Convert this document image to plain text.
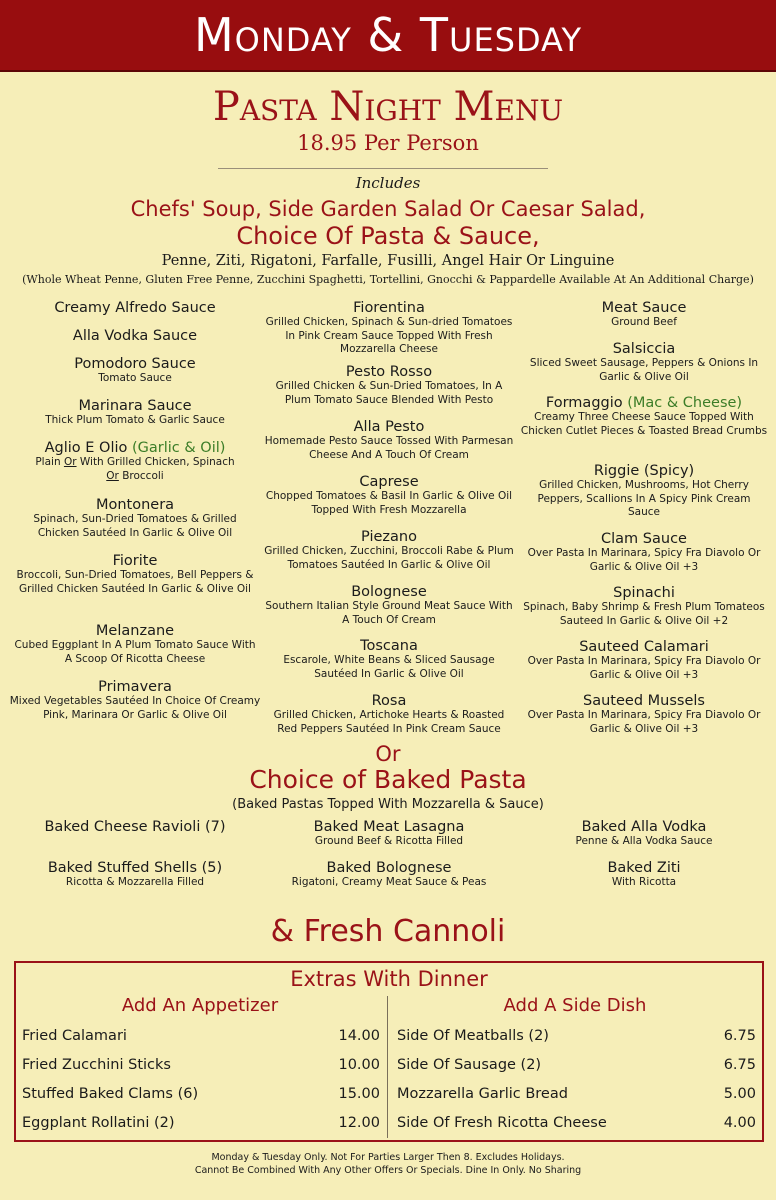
Monday & Tuesday
Pasta Night Menu
18.95 Per Person
Includes
Chefs' Soup, Side Garden Salad Or Caesar Salad,
Choice Of Pasta & Sauce,
Penne, Ziti, Rigatoni, Farfalle, Fusilli, Angel Hair Or Linguine
(Whole Wheat Penne, Gluten Free Penne, Zucchini Spaghetti, Tortellini, Gnocchi & Pappardelle Available At An Additional Charge)
Creamy Alfredo Sauce
Alla Vodka Sauce
Pomodoro Sauce
Tomato Sauce
Marinara Sauce
Thick Plum Tomato & Garlic Sauce
Aglio E Olio (Garlic & Oil)
Plain Or With Grilled Chicken, Spinach
Or Broccoli
Montonera
Spinach, Sun-Dried Tomatoes & Grilled Chicken Sautéed In Garlic & Olive Oil
Fiorite
Broccoli, Sun-Dried Tomatoes, Bell Peppers & Grilled Chicken Sautéed In Garlic & Olive Oil
Melanzane
Cubed Eggplant In A Plum Tomato Sauce With A Scoop Of Ricotta Cheese
Primavera
Mixed Vegetables Sautéed In Choice Of Creamy Pink, Marinara Or Garlic & Olive Oil
Fiorentina
Grilled Chicken, Spinach & Sun-dried Tomatoes In Pink Cream Sauce Topped With Fresh Mozzarella Cheese
Pesto Rosso
Grilled Chicken & Sun-Dried Tomatoes, In A Plum Tomato Sauce Blended With Pesto
Alla Pesto
Homemade Pesto Sauce Tossed With Parmesan Cheese And A Touch Of Cream
Caprese
Chopped Tomatoes & Basil In Garlic & Olive Oil Topped With Fresh Mozzarella
Piezano
Grilled Chicken, Zucchini, Broccoli Rabe & Plum Tomatoes Sautéed In Garlic & Olive Oil
Bolognese
Southern Italian Style Ground Meat Sauce With A Touch Of Cream
Toscana
Escarole, White Beans & Sliced Sausage Sautéed In Garlic & Olive Oil
Rosa
Grilled Chicken, Artichoke Hearts & Roasted Red Peppers Sautéed In Pink Cream Sauce
Meat Sauce
Ground Beef
Salsiccia
Sliced Sweet Sausage, Peppers & Onions In Garlic & Olive Oil
Formaggio (Mac & Cheese)
Creamy Three Cheese Sauce Topped With Chicken Cutlet Pieces & Toasted Bread Crumbs
Riggie (Spicy)
Grilled Chicken, Mushrooms, Hot Cherry Peppers, Scallions In A Spicy Pink Cream Sauce
Clam Sauce
Over Pasta In Marinara, Spicy Fra Diavolo Or Garlic & Olive Oil +3
Spinachi
Spinach, Baby Shrimp & Fresh Plum Tomateos Sauteed In Garlic & Olive Oil +2
Sauteed Calamari
Over Pasta In Marinara, Spicy Fra Diavolo Or Garlic & Olive Oil +3
Sauteed Mussels
Over Pasta In Marinara, Spicy Fra Diavolo Or Garlic & Olive Oil +3
Or
Choice of Baked Pasta
(Baked Pastas Topped With Mozzarella & Sauce)
Baked Cheese Ravioli (7)	Baked Meat Lasagna
Ground Beef & Ricotta Filled
Baked Alla Vodka
Penne & Alla Vodka Sauce
Baked Stuffed Shells (5)
Ricotta & Mozzarella Filled
Baked Bolognese
Rigatoni, Creamy Meat Sauce & Peas
Baked Ziti
With Ricotta
& Fresh Cannoli
Extras With Dinner
Add An Appetizer	Add A Side Dish
Fried Calamari	14.00
Fried Zucchini Sticks	10.00
Stuffed Baked Clams (6)	15.00
Eggplant Rollatini (2)	12.00
Side Of Meatballs (2)	6.75
Side Of Sausage (2)	6.75
Mozzarella Garlic Bread	5.00
Side Of Fresh Ricotta Cheese	4.00
Monday & Tuesday Only. Not For Parties Larger Then 8. Excludes Holidays.
Cannot Be Combined With Any Other Offers Or Specials. Dine In Only. No Sharing
